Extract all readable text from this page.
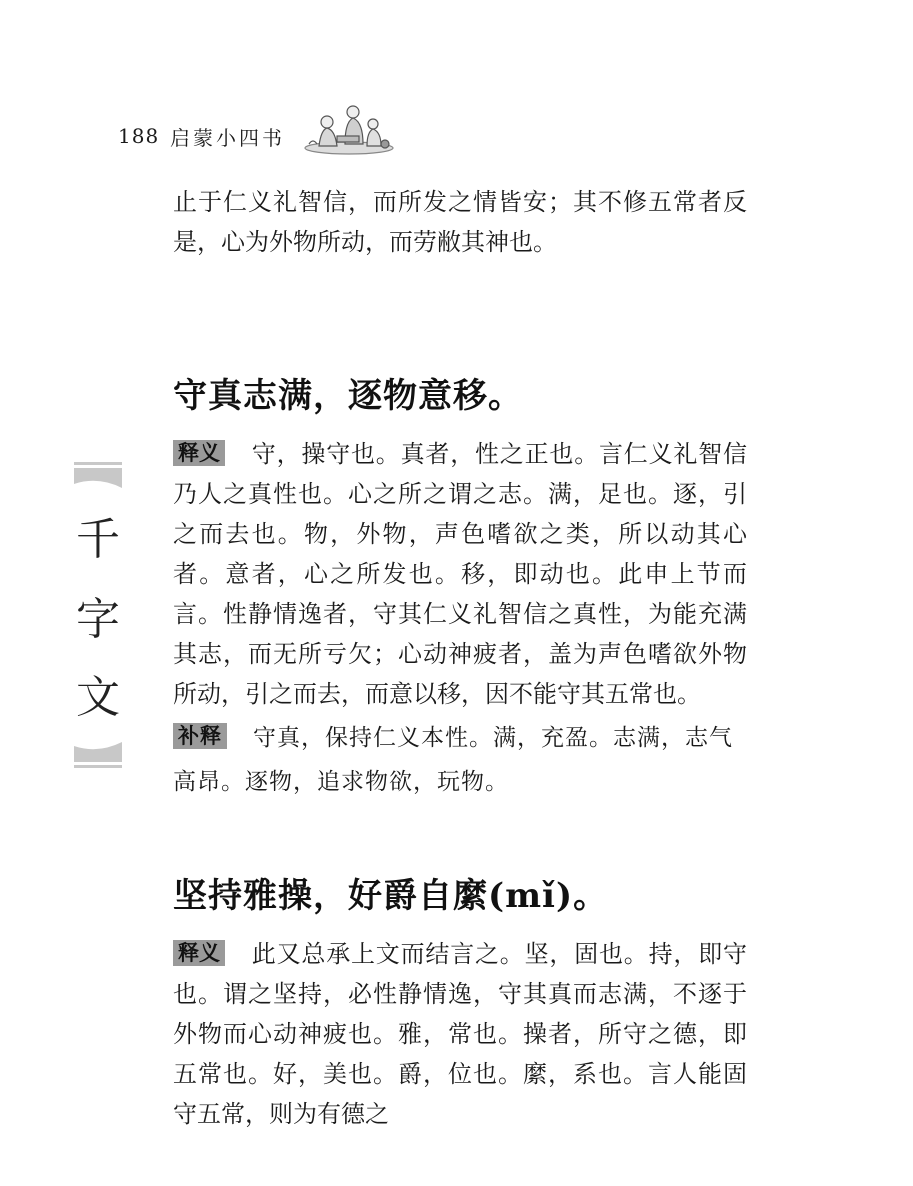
188 启蒙小四书
千
字
文

止于仁义礼智信，而所发之情皆安；其不修五常者反是，心为外物所动，而劳敝其神也。

守真志满，逐物意移。

释义 守，操守也。真者，性之正也。言仁义礼智信乃人之真性也。心之所之谓之志。满，足也。逐，引之而去也。物，外物，声色嗜欲之类，所以动其心者。意者，心之所发也。移，即动也。此申上节而言。性静情逸者，守其仁义礼智信之真性，为能充满其志，而无所亏欠；心动神疲者，盖为声色嗜欲外物所动，引之而去，而意以移，因不能守其五常也。

补释 守真，保持仁义本性。满，充盈。志满，志气高昂。逐物，追求物欲，玩物。

坚持雅操，好爵自縻(mǐ)。

释义 此又总承上文而结言之。坚，固也。持，即守也。谓之坚持，必性静情逸，守其真而志满，不逐于外物而心动神疲也。雅，常也。操者，所守之德，即五常也。好，美也。爵，位也。縻，系也。言人能固守五常，则为有德之
